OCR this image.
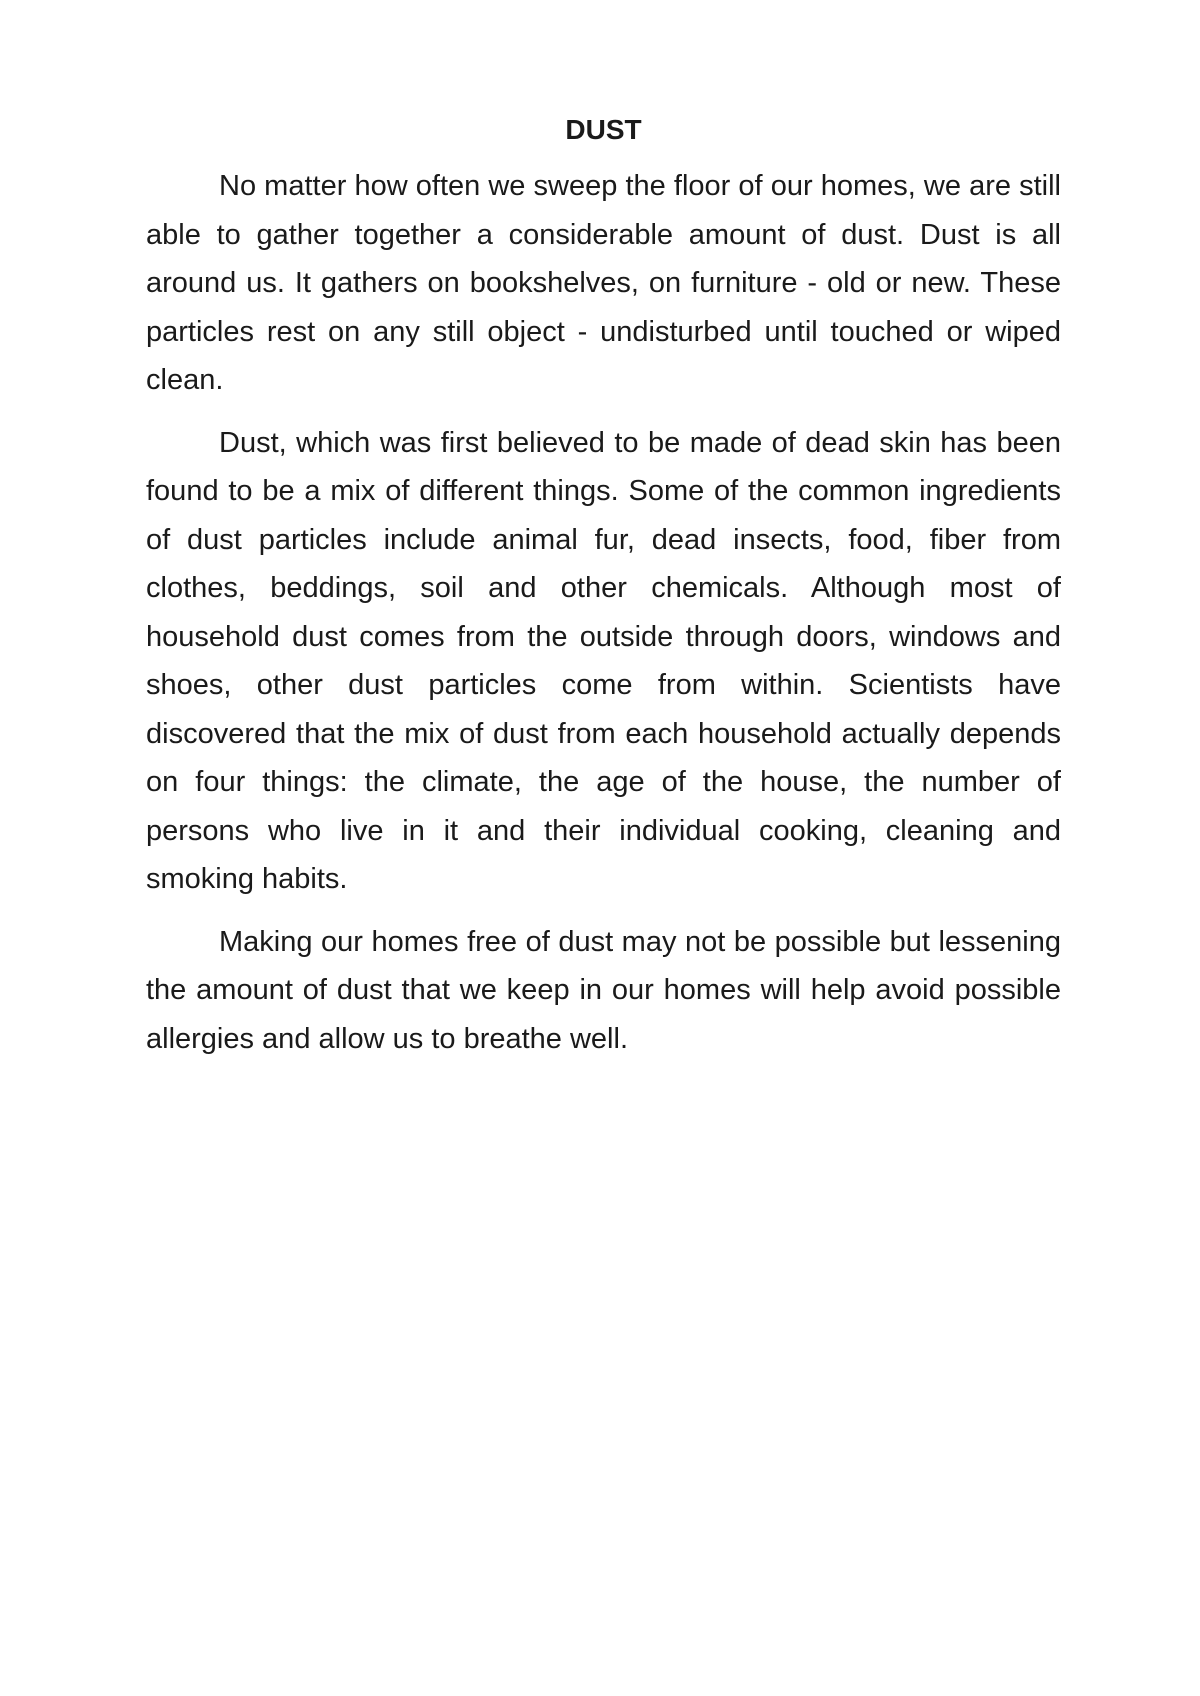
DUST

No matter how often we sweep the floor of our homes, we are still able to gather together a considerable amount of dust. Dust is all around us. It gathers on bookshelves, on furniture - old or new. These particles rest on any still object - undisturbed until touched or wiped clean.

Dust, which was first believed to be made of dead skin has been found to be a mix of different things. Some of the common ingredients of dust particles include animal fur, dead insects, food, fiber from clothes, beddings, soil and other chemicals. Although most of household dust comes from the outside through doors, windows and shoes, other dust particles come from within. Scientists have discovered that the mix of dust from each household actually depends on four things: the climate, the age of the house, the number of persons who live in it and their individual cooking, cleaning and smoking habits.

Making our homes free of dust may not be possible but lessening the amount of dust that we keep in our homes will help avoid possible allergies and allow us to breathe well.
